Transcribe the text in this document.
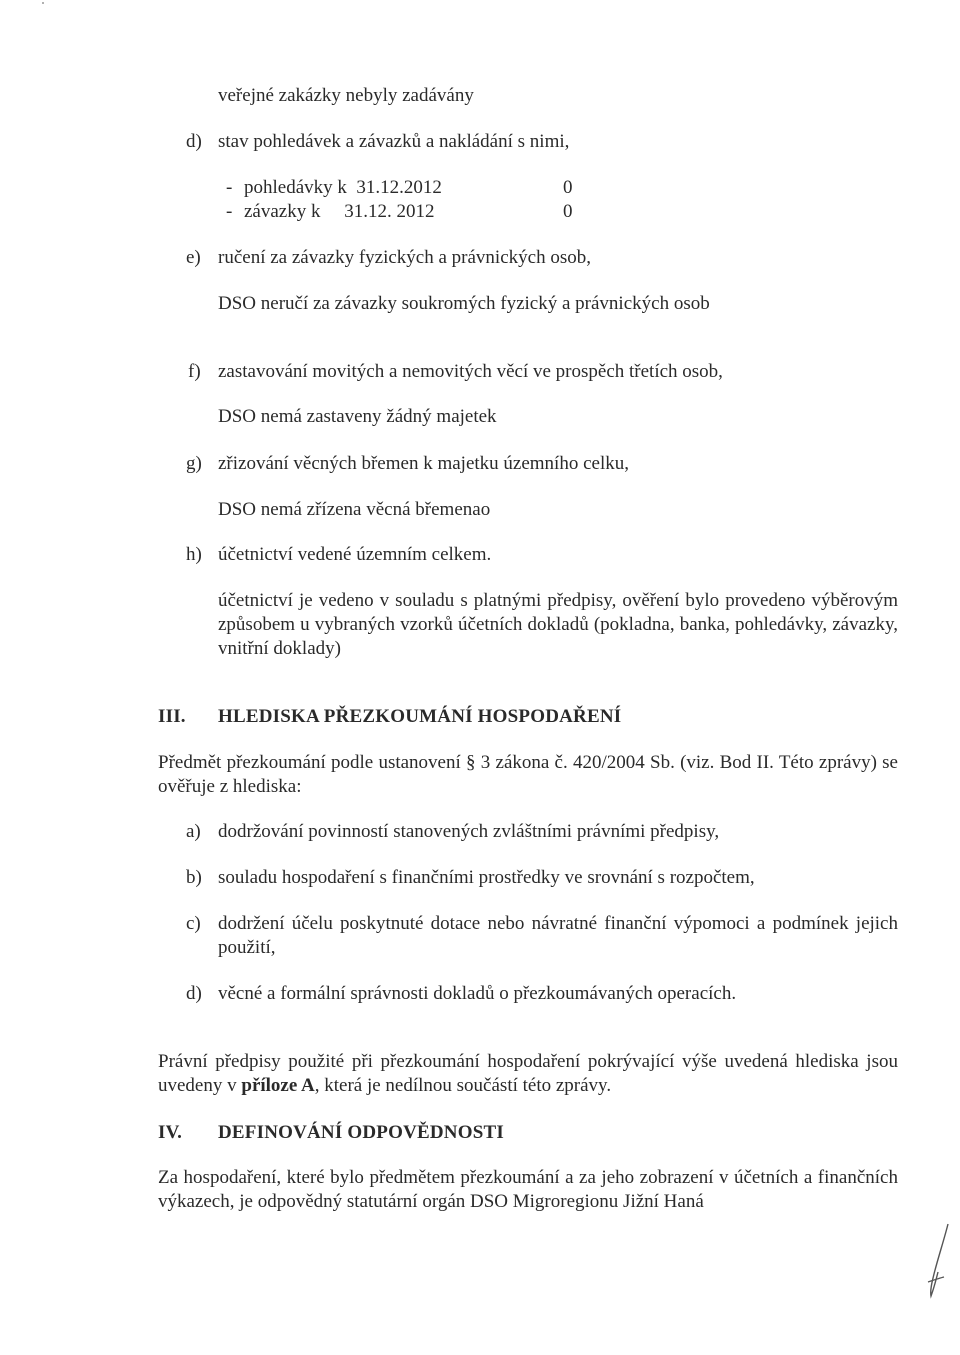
veřejné zakázky nebyly zadávány
d) stav pohledávek a závazků a nakládání s nimi,
- pohledávky k  31.12.2012	0
- závazky k     31.12. 2012	0
e) ručení za závazky fyzických a právnických osob,
DSO neručí za závazky soukromých fyzický a právnických osob
f) zastavování movitých a nemovitých věcí ve prospěch třetích osob,
DSO nemá zastaveny žádný majetek
g) zřizování věcných břemen k majetku územního celku,
DSO nemá zřízena věcná břemenao
h) účetnictví vedené územním celkem.
účetnictví je vedeno v souladu s platnými předpisy, ověření bylo provedeno výběrovým způsobem u vybraných vzorků účetních dokladů (pokladna, banka, pohledávky, závazky, vnitřní doklady)
III. HLEDISKA PŘEZKOUMÁNÍ HOSPODAŘENÍ
Předmět přezkoumání podle ustanovení § 3 zákona č. 420/2004 Sb. (viz. Bod II. Této zprávy) se ověřuje z hlediska:
a) dodržování povinností stanovených zvláštními právními předpisy,
b) souladu hospodaření s finančními prostředky ve srovnání s rozpočtem,
c) dodržení účelu poskytnuté dotace nebo návratné finanční výpomoci a podmínek jejich použití,
d) věcné a formální správnosti dokladů o přezkoumávaných operacích.
Právní předpisy použité při přezkoumání hospodaření pokrývající výše uvedená hlediska jsou uvedeny v příloze A, která je nedílnou součástí této zprávy.
IV. DEFINOVÁNÍ ODPOVĚDNOSTI
Za hospodaření, které bylo předmětem přezkoumání a za jeho zobrazení v účetních a finančních výkazech, je odpovědný statutární orgán DSO Migroregionu Jižní Haná
